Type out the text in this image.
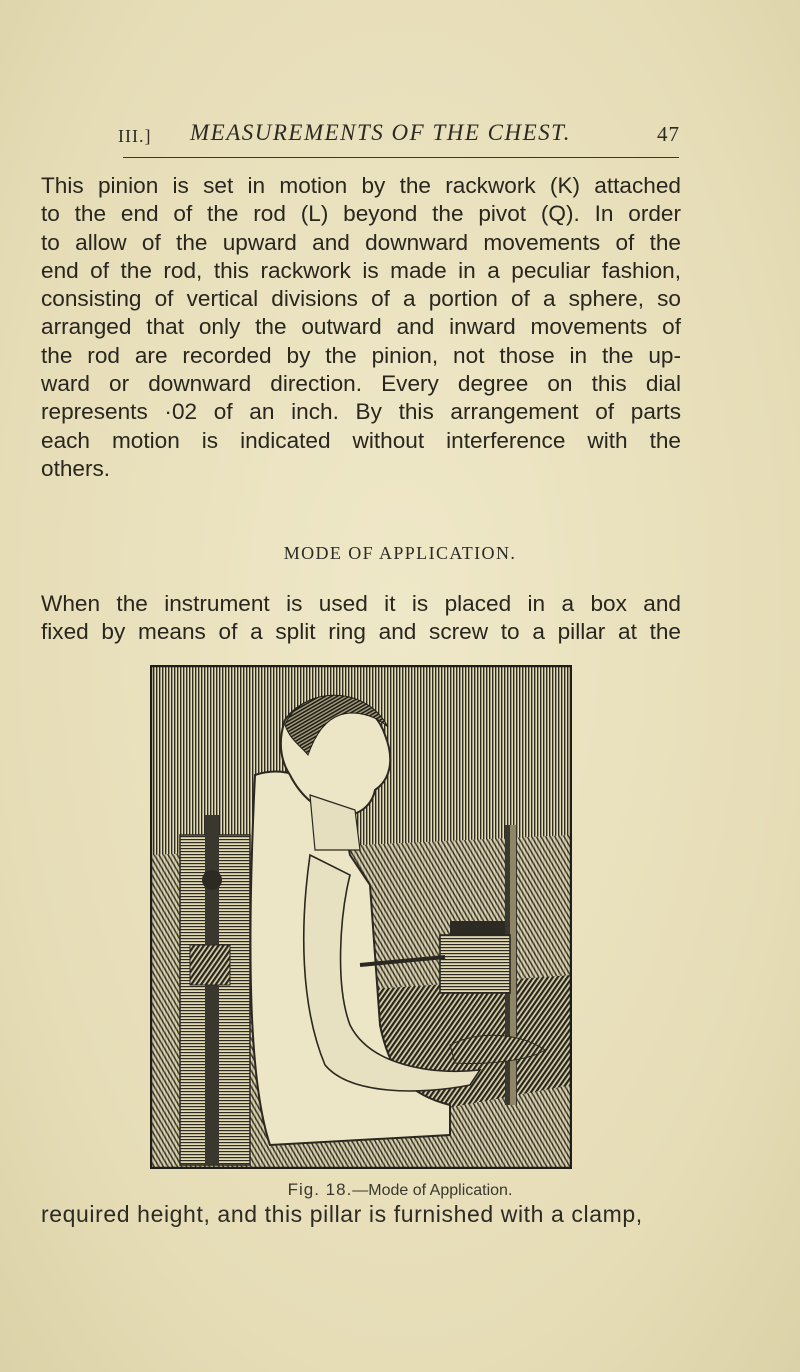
III.] MEASUREMENTS OF THE CHEST.	47
This pinion is set in motion by the rackwork (K) attached
to the end of the rod (L) beyond the pivot (Q). In order
to allow of the upward and downward movements of the
end of the rod, this rackwork is made in a peculiar fashion,
consisting of vertical divisions of a portion of a sphere, so
arranged that only the outward and inward movements of
the rod are recorded by the pinion, not those in the up-
ward or downward direction. Every degree on this dial
represents ·02 of an inch. By this arrangement of parts
each motion is indicated without interference with the
others.
MODE OF APPLICATION.
When the instrument is used it is placed in a box and
fixed by means of a split ring and screw to a pillar at the
Fig. 18.—Mode of Application.
required height, and this pillar is furnished with a clamp,
